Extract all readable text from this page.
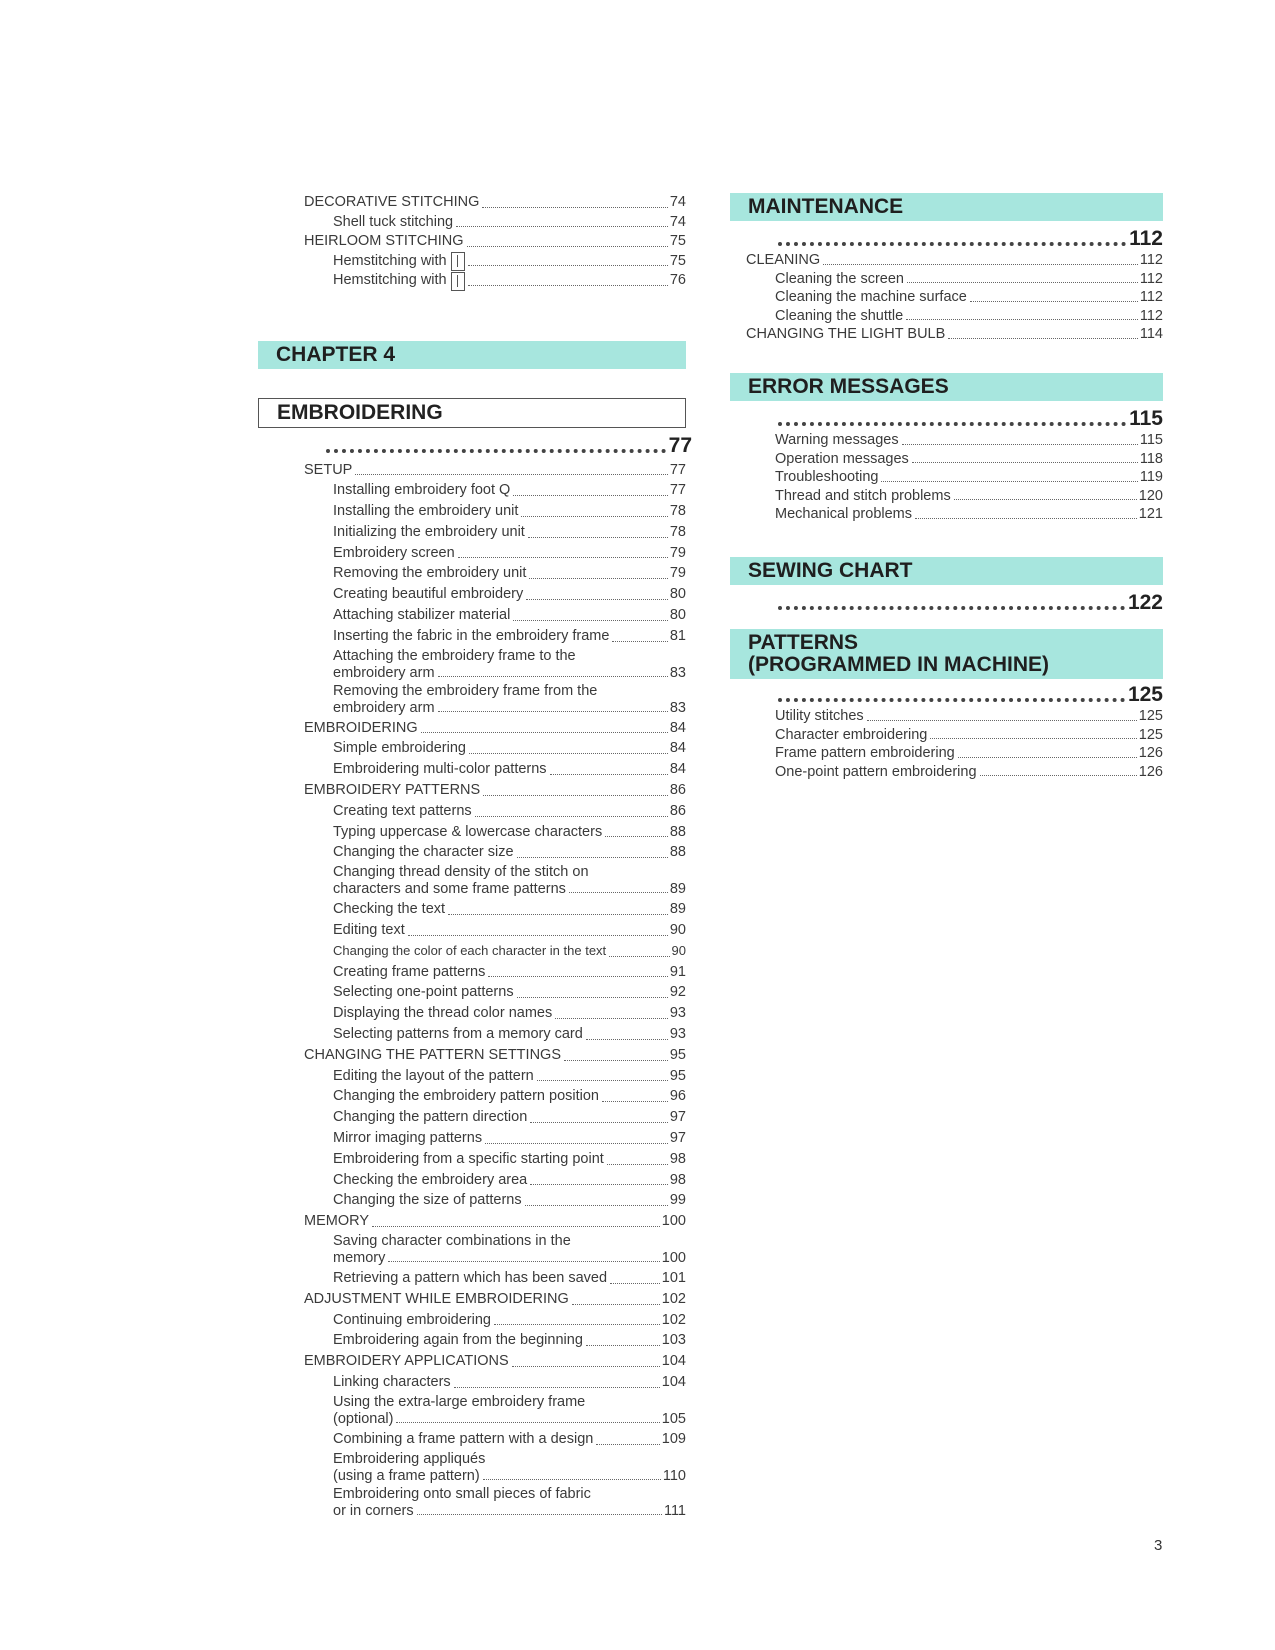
DECORATIVE STITCHING	74
Shell tuck stitching	74
HEIRLOOM STITCHING	75
Hemstitching with	75
Hemstitching with	76
CHAPTER 4
EMBROIDERING
77
SETUP	77
Installing embroidery foot Q	77
Installing the embroidery unit	78
Initializing the embroidery unit	78
Embroidery screen	79
Removing the embroidery unit	79
Creating beautiful embroidery	80
Attaching stabilizer material	80
Inserting the fabric in the embroidery frame	81
Attaching the embroidery frame to the
embroidery arm	83
Removing the embroidery frame from the
embroidery arm	83
EMBROIDERING	84
Simple embroidering	84
Embroidering multi-color patterns	84
EMBROIDERY PATTERNS	86
Creating text patterns	86
Typing uppercase & lowercase characters	88
Changing the character size	88
Changing thread density of the stitch on
characters and some frame patterns	89
Checking the text	89
Editing text	90
Changing the color of each character in the text	90
Creating frame patterns	91
Selecting one-point patterns	92
Displaying the thread color names	93
Selecting patterns from a memory card	93
CHANGING THE PATTERN SETTINGS	95
Editing the layout of the pattern	95
Changing the embroidery pattern position	96
Changing the pattern direction	97
Mirror imaging patterns	97
Embroidering from a specific starting point	98
Checking the embroidery area	98
Changing the size of patterns	99
MEMORY	100
Saving character combinations in the
memory	100
Retrieving a pattern which has been saved	101
ADJUSTMENT WHILE EMBROIDERING	102
Continuing embroidering	102
Embroidering again from the beginning	103
EMBROIDERY APPLICATIONS	104
Linking characters	104
Using the extra-large embroidery frame
(optional)	105
Combining a frame pattern with a design	109
Embroidering appliqués
(using a frame pattern)	110
Embroidering onto small pieces of fabric
or in corners	111
MAINTENANCE
112
CLEANING	112
Cleaning the screen	112
Cleaning the machine surface	112
Cleaning the shuttle	112
CHANGING THE LIGHT BULB	114
ERROR MESSAGES
115
Warning messages	115
Operation messages	118
Troubleshooting	119
Thread and stitch problems	120
Mechanical problems	121
SEWING CHART
122
PATTERNS
(PROGRAMMED IN MACHINE)
125
Utility stitches	125
Character embroidering	125
Frame pattern embroidering	126
One-point pattern embroidering	126
3
